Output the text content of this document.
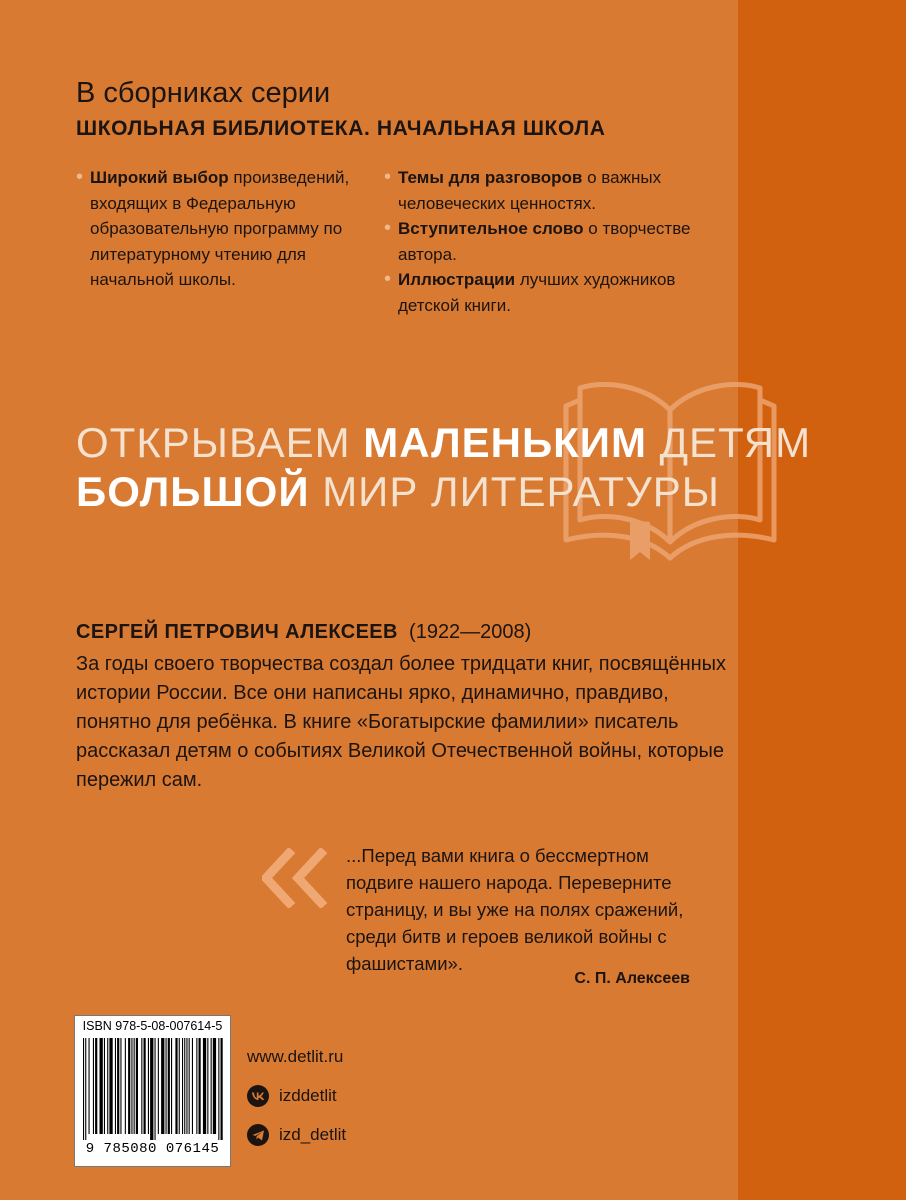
В сборниках серии
ШКОЛЬНАЯ БИБЛИОТЕКА. НАЧАЛЬНАЯ ШКОЛА
• Широкий выбор произведений, входящих в Федеральную образовательную программу по литературному чтению для начальной школы.
• Темы для разговоров о важных человеческих ценностях.
• Вступительное слово о творчестве автора.
• Иллюстрации лучших художников детской книги.
ОТКРЫВАЕМ МАЛЕНЬКИМ ДЕТЯМ
БОЛЬШОЙ МИР ЛИТЕРАТУРЫ
СЕРГЕЙ ПЕТРОВИЧ АЛЕКСЕЕВ (1922—2008)
За годы своего творчества создал более тридцати книг, посвящённых истории России. Все они написаны ярко, динамично, правдиво, понятно для ребёнка. В книге «Богатырские фамилии» писатель рассказал детям о событиях Великой Отечественной войны, которые пережил сам.
...Перед вами книга о бессмертном подвиге нашего народа. Переверните страницу, и вы уже на полях сражений, среди битв и героев великой войны с фашистами».
С. П. Алексеев
ISBN 978-5-08-007614-5
9 785080 076145
www.detlit.ru
izddetlit
izd_detlit
